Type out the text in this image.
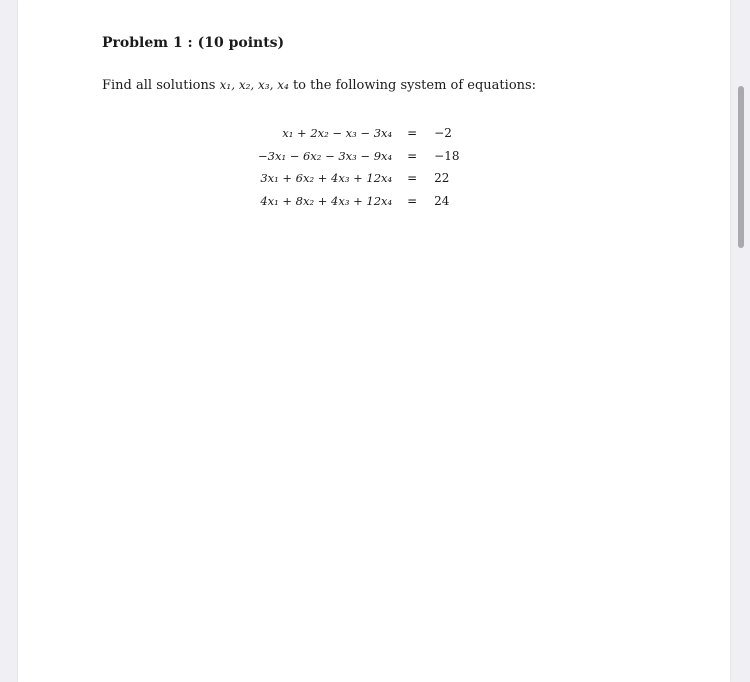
Problem 1 : (10 points)
Find all solutions x₁, x₂, x₃, x₄ to the following system of equations:
x₁ + 2x₂ − x₃ − 3x₄	=	−2
−3x₁ − 6x₂ − 3x₃ − 9x₄	=	−18
3x₁ + 6x₂ + 4x₃ + 12x₄	=	22
4x₁ + 8x₂ + 4x₃ + 12x₄	=	24
